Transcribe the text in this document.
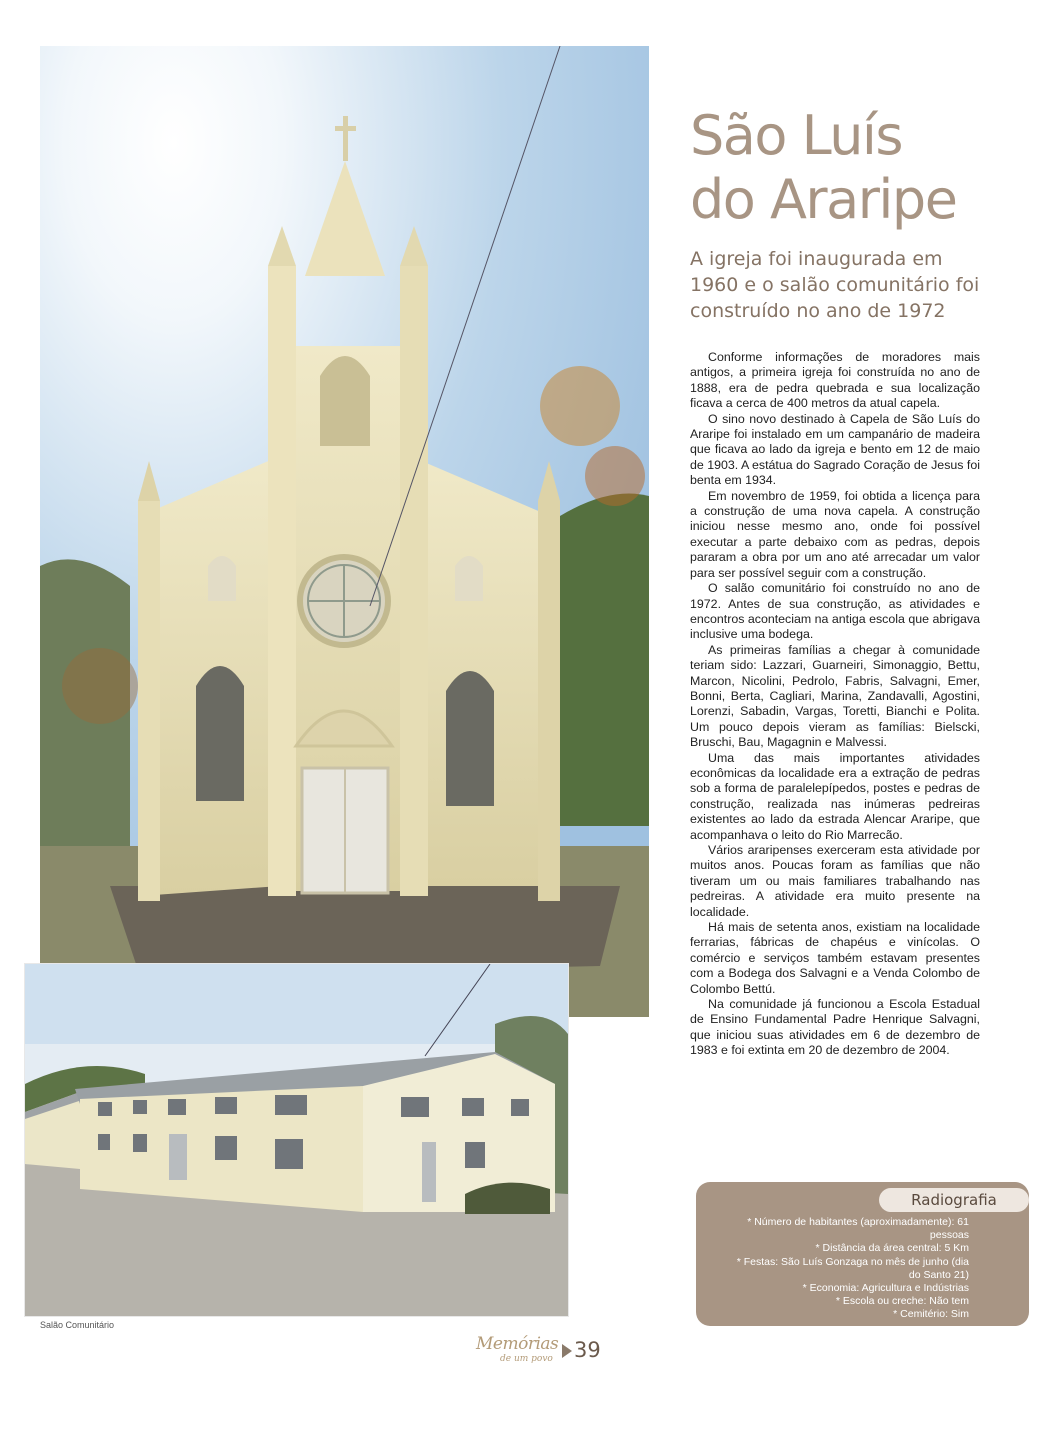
Salão Comunitário
São Luís
do Araripe

A igreja foi inaugurada em 1960 e o salão comunitário foi construído no ano de 1972

Conforme informações de moradores mais antigos, a primeira igreja foi construída no ano de 1888, era de pedra quebrada e sua localização ficava a cerca de 400 metros da atual capela.

O sino novo destinado à Capela de São Luís do Araripe foi instalado em um campanário de madeira que ficava ao lado da igreja e bento em 12 de maio de 1903. A estátua do Sagrado Coração de Jesus foi benta em 1934.

Em novembro de 1959, foi obtida a licença para a construção de uma nova capela. A construção iniciou nesse mesmo ano, onde foi possível executar a parte debaixo com as pedras, depois pararam a obra por um ano até arrecadar um valor para ser possível seguir com a construção.

O salão comunitário foi construído no ano de 1972. Antes de sua construção, as atividades e encontros aconteciam na antiga escola que abrigava inclusive uma bodega.

As primeiras famílias a chegar à comunidade teriam sido: Lazzari, Guarneiri, Simonaggio, Bettu, Marcon, Nicolini, Pedrolo, Fabris, Salvagni, Emer, Bonni, Berta, Cagliari, Marina, Zandavalli, Agostini, Lorenzi, Sabadin, Vargas, Toretti, Bianchi e Polita. Um pouco depois vieram as famílias: Bielscki, Bruschi, Bau, Magagnin e Malvessi.

Uma das mais importantes atividades econômicas da localidade era a extração de pedras sob a forma de paralelepípedos, postes e pedras de construção, realizada nas inúmeras pedreiras existentes ao lado da estrada Alencar Araripe, que acompanhava o leito do Rio Marrecão.

Vários araripenses exerceram esta atividade por muitos anos. Poucas foram as famílias que não tiveram um ou mais familiares trabalhando nas pedreiras. A atividade era muito presente na localidade.

Há mais de setenta anos, existiam na localidade ferrarias, fábricas de chapéus e vinícolas. O comércio e serviços também estavam presentes com a Bodega dos Salvagni e a Venda Colombo de Colombo Bettú.

Na comunidade já funcionou a Escola Estadual de Ensino Fundamental Padre Henrique Salvagni, que iniciou suas atividades em 6 de dezembro de 1983 e foi extinta em 20 de dezembro de 2004.

Radiografia
* Número de habitantes (aproximadamente): 61 pessoas
* Distância da área central: 5 Km
* Festas: São Luís Gonzaga no mês de junho (dia do Santo 21)
* Economia: Agricultura e Indústrias
* Escola ou creche: Não tem
* Cemitério: Sim
Memórias
de um povo 39
